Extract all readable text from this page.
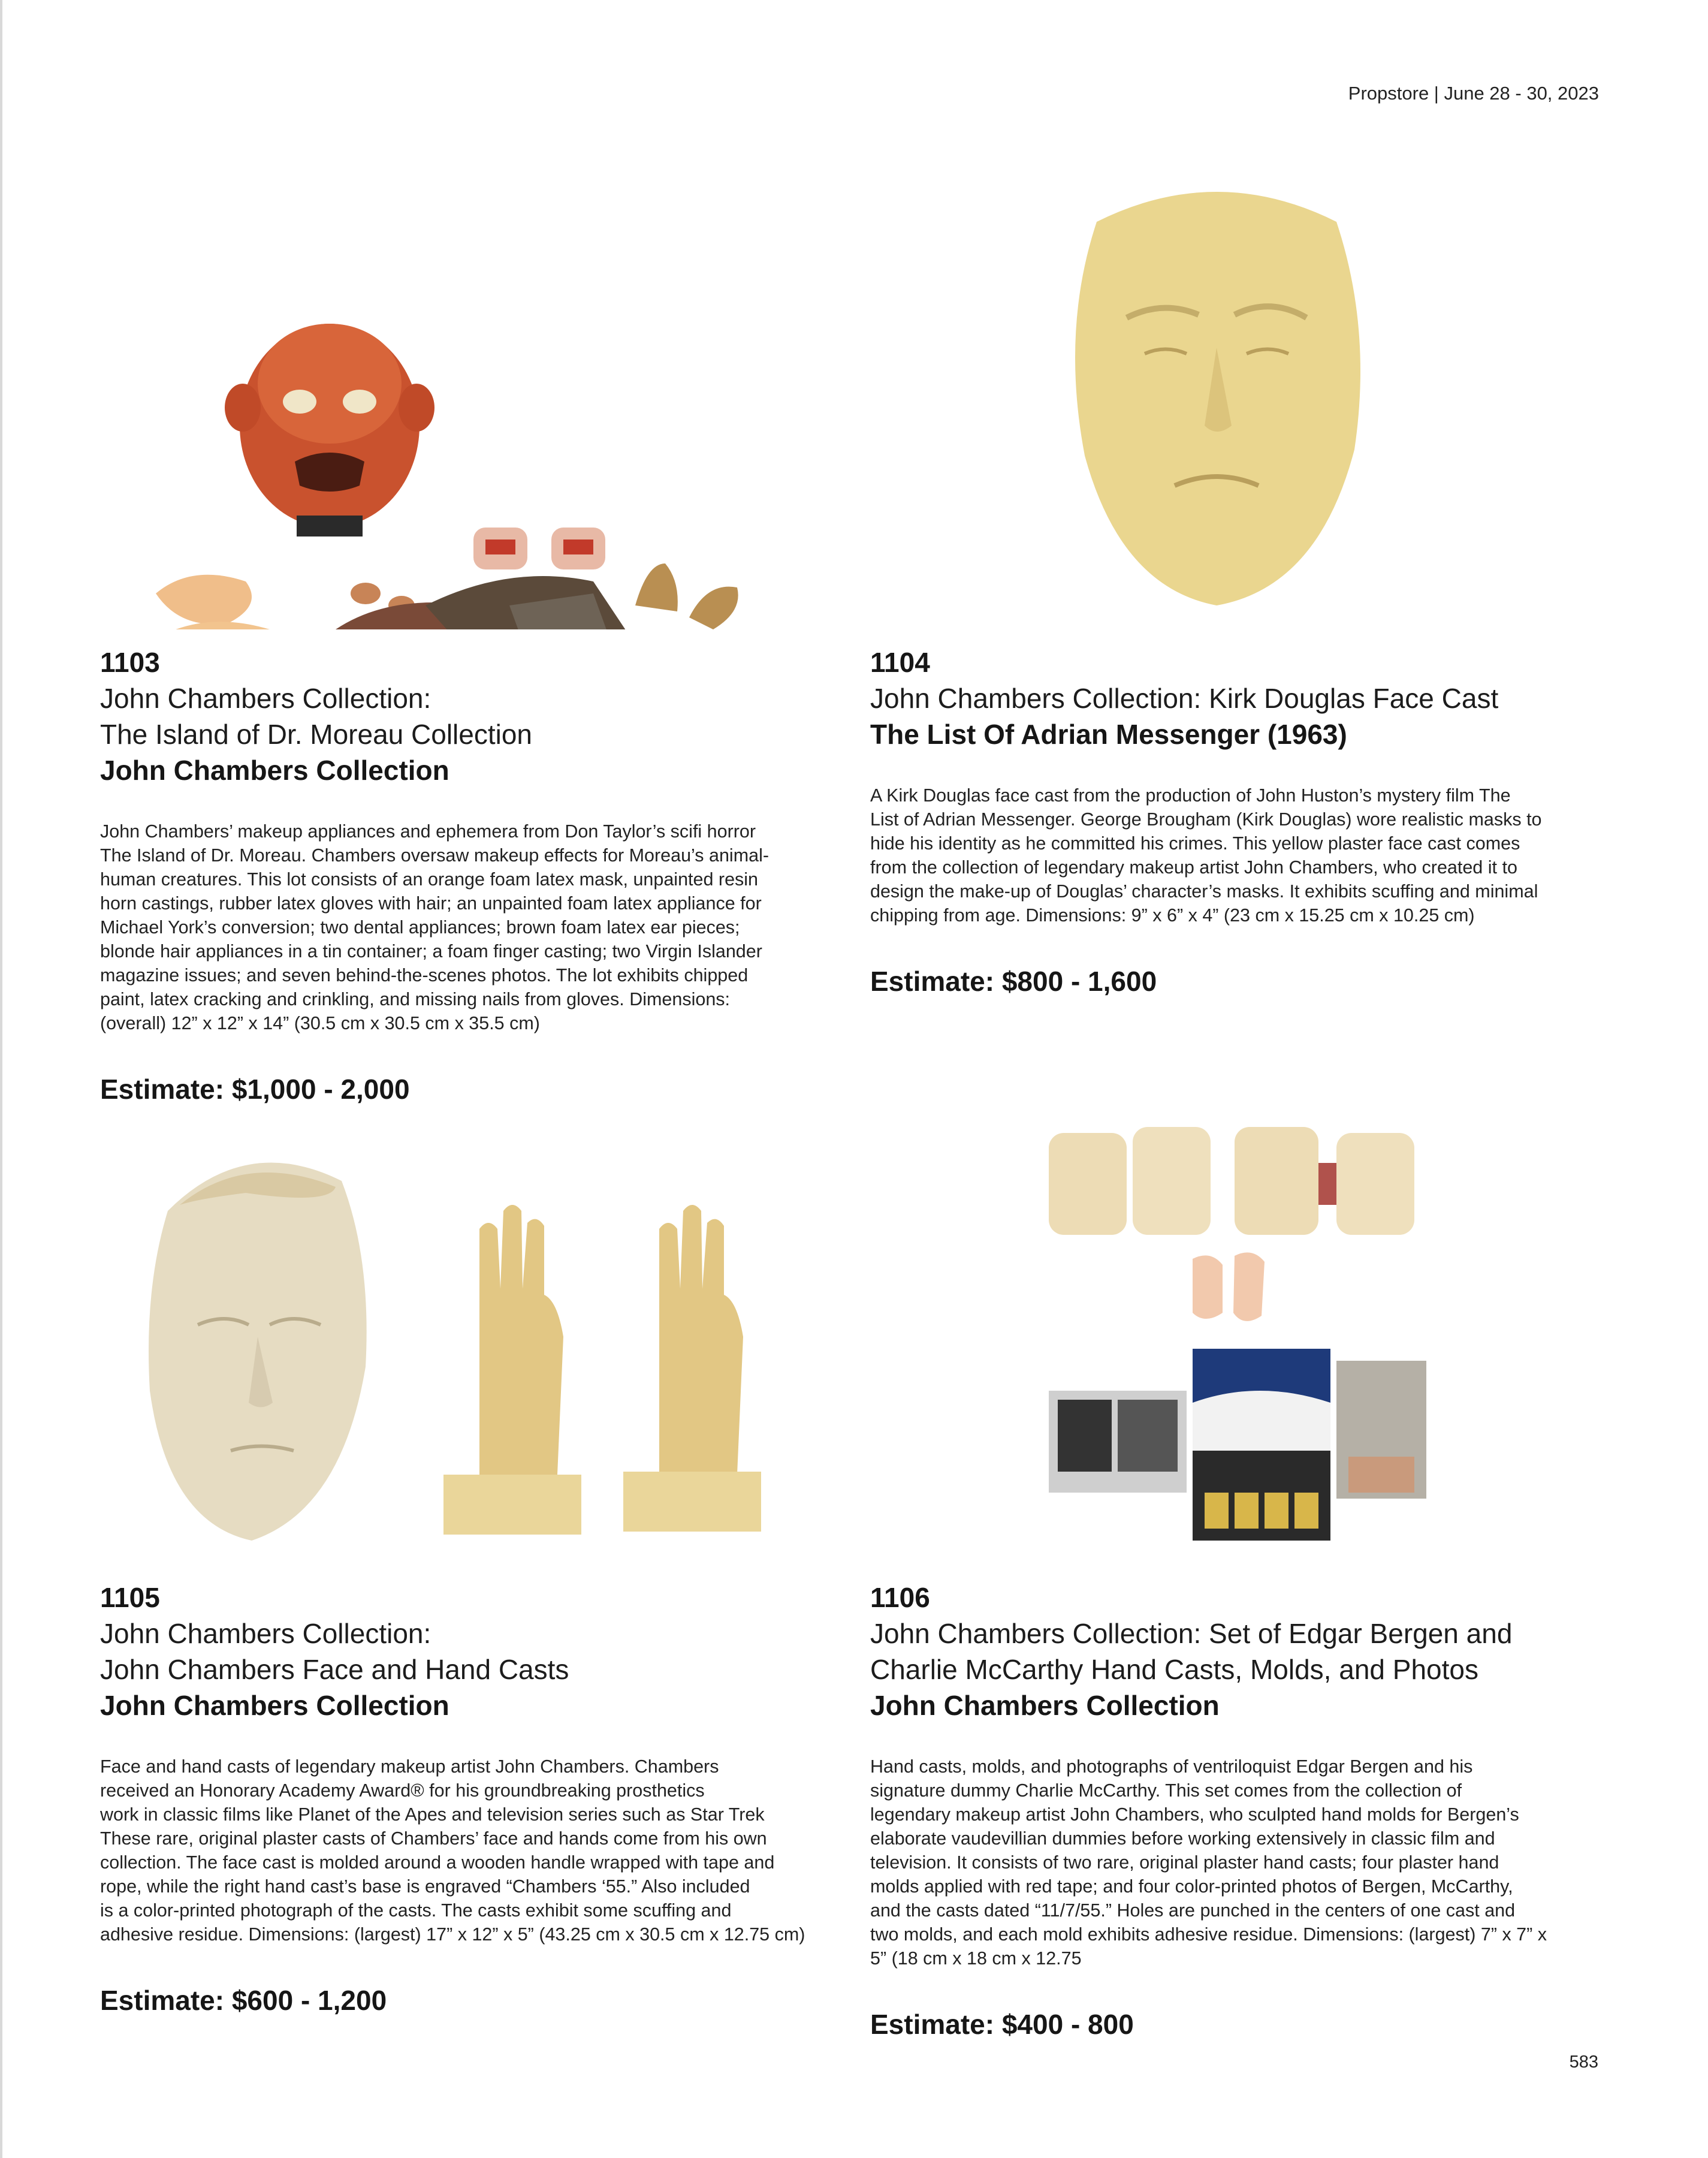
Propstore | June 28 - 30, 2023
1103
John Chambers Collection:
The Island of Dr. Moreau Collection
John Chambers Collection
John Chambers’ makeup appliances and ephemera from Don Taylor’s scifi horror
The Island of Dr. Moreau. Chambers oversaw makeup effects for Moreau’s animal-
human creatures. This lot consists of an orange foam latex mask, unpainted resin
horn castings, rubber latex gloves with hair; an unpainted foam latex appliance for
Michael York’s conversion; two dental appliances; brown foam latex ear pieces;
blonde hair appliances in a tin container; a foam finger casting; two Virgin Islander
magazine issues; and seven behind-the-scenes photos. The lot exhibits chipped
paint, latex cracking and crinkling, and missing nails from gloves. Dimensions:
(overall) 12” x 12” x 14” (30.5 cm x 30.5 cm x 35.5 cm)
Estimate: $1,000 - 2,000
1104
John Chambers Collection: Kirk Douglas Face Cast
The List Of Adrian Messenger (1963)
A Kirk Douglas face cast from the production of John Huston’s mystery film The
List of Adrian Messenger. George Brougham (Kirk Douglas) wore realistic masks to
hide his identity as he committed his crimes. This yellow plaster face cast comes
from the collection of legendary makeup artist John Chambers, who created it to
design the make-up of Douglas’ character’s masks. It exhibits scuffing and minimal
chipping from age. Dimensions: 9” x 6” x 4” (23 cm x 15.25 cm x 10.25 cm)
Estimate: $800 - 1,600
1105
John Chambers Collection:
John Chambers Face and Hand Casts
John Chambers Collection
Face and hand casts of legendary makeup artist John Chambers. Chambers
received an Honorary Academy Award® for his groundbreaking prosthetics
work in classic films like Planet of the Apes and television series such as Star Trek
These rare, original plaster casts of Chambers’ face and hands come from his own
collection. The face cast is molded around a wooden handle wrapped with tape and
rope, while the right hand cast’s base is engraved “Chambers ‘55.” Also included
is a color-printed photograph of the casts. The casts exhibit some scuffing and
adhesive residue. Dimensions: (largest) 17” x 12” x 5” (43.25 cm x 30.5 cm x 12.75 cm)
Estimate: $600 - 1,200
1106
John Chambers Collection: Set of Edgar Bergen and
Charlie McCarthy Hand Casts, Molds, and Photos
John Chambers Collection
Hand casts, molds, and photographs of ventriloquist Edgar Bergen and his
signature dummy Charlie McCarthy. This set comes from the collection of
legendary makeup artist John Chambers, who sculpted hand molds for Bergen’s
elaborate vaudevillian dummies before working extensively in classic film and
television. It consists of two rare, original plaster hand casts; four plaster hand
molds applied with red tape; and four color-printed photos of Bergen, McCarthy,
and the casts dated “11/7/55.” Holes are punched in the centers of one cast and
two molds, and each mold exhibits adhesive residue. Dimensions: (largest) 7” x 7” x
5” (18 cm x 18 cm x 12.75
Estimate: $400 - 800
583
